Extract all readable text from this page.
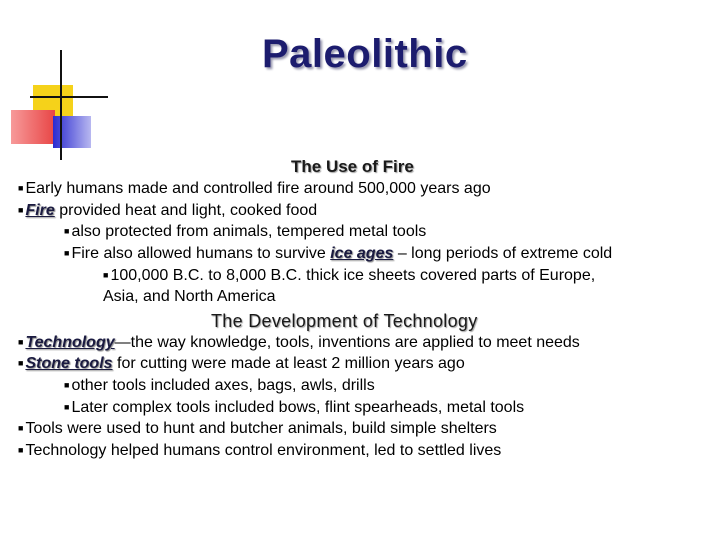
Paleolithic
The Use of Fire
■ Early humans made and controlled fire around 500,000 years ago
■ Fire provided heat and light, cooked food
■ also protected from animals, tempered metal tools
■ Fire also allowed humans to survive ice ages – long periods of extreme cold
■ 100,000 B.C. to 8,000 B.C. thick ice sheets covered parts of Europe,
Asia, and North America
The Development of Technology
■ Technology—the way knowledge, tools, inventions are applied to meet needs
■ Stone tools for cutting were made at least 2 million years ago
■ other tools included axes, bags, awls, drills
■ Later complex tools included bows, flint spearheads, metal tools
■ Tools were used to hunt and butcher animals, build simple shelters
■ Technology helped humans control environment, led to settled lives
